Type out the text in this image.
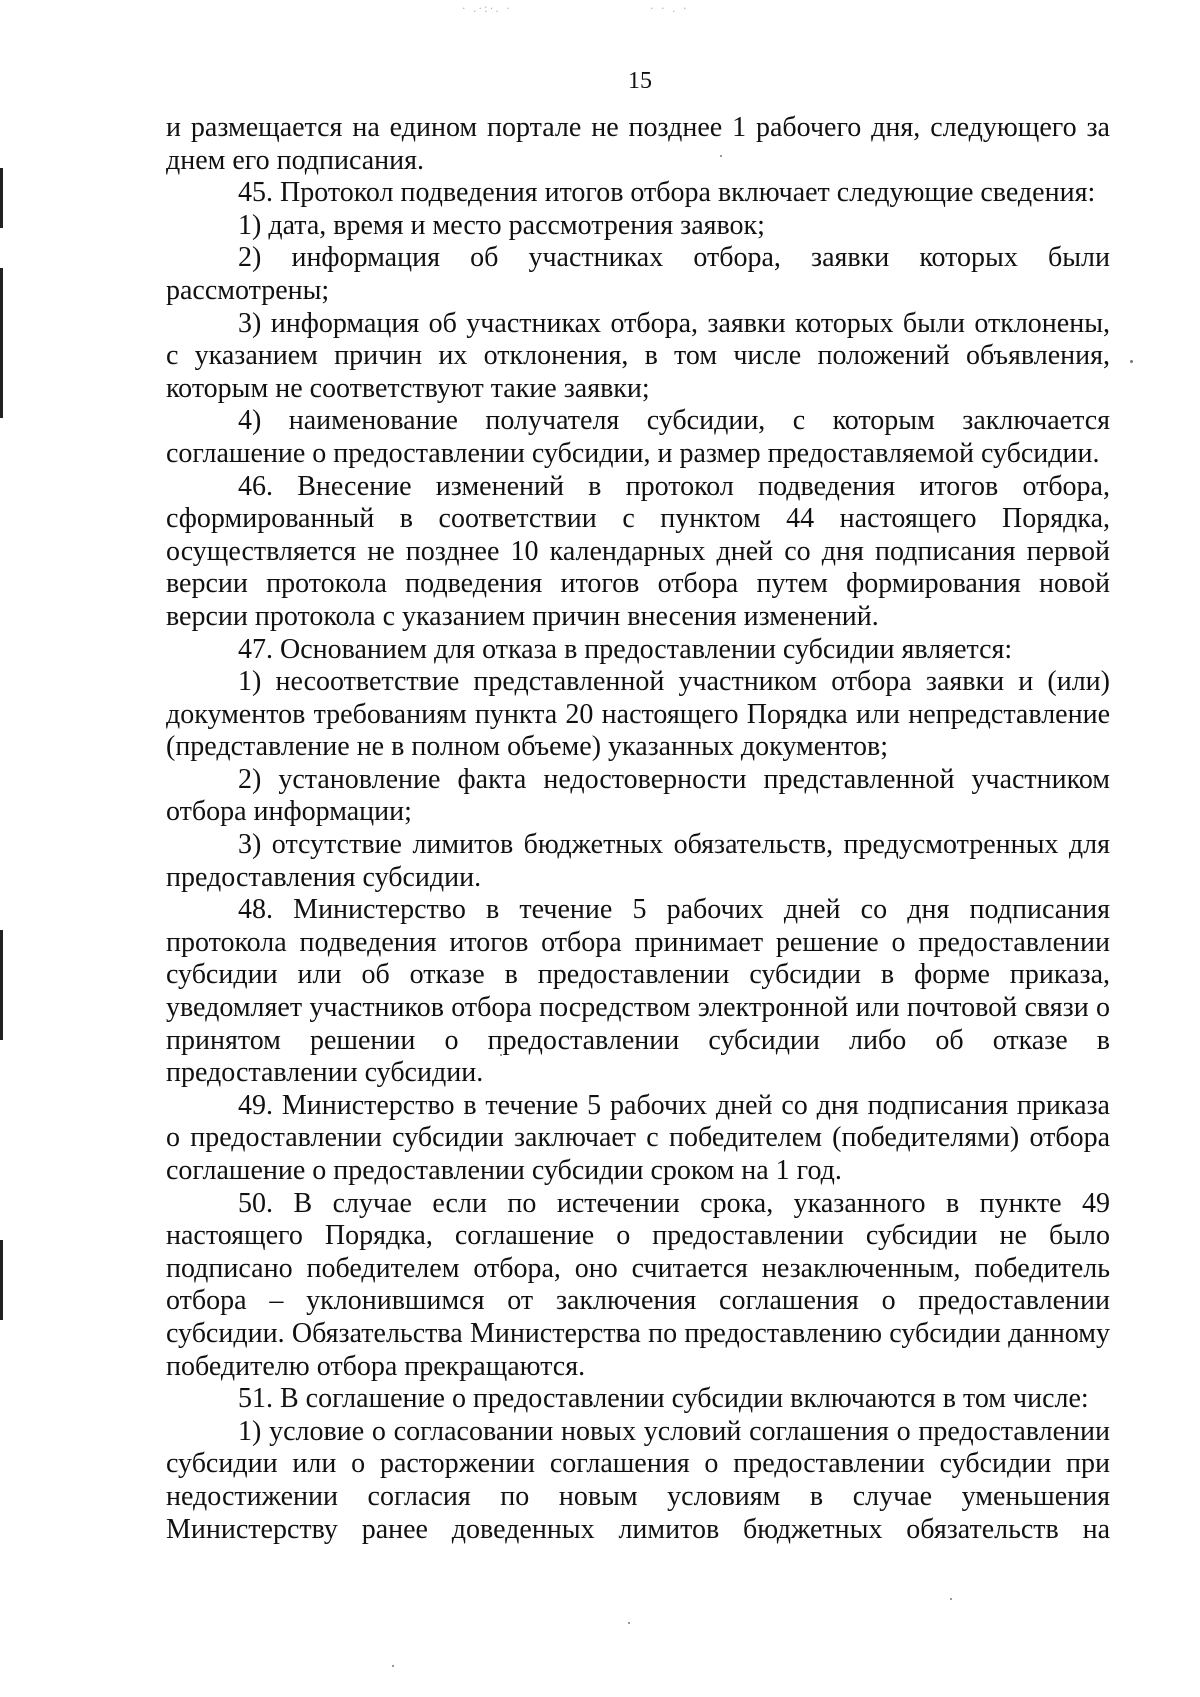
· .·:·. ·	· · . ·
15

и размещается на едином портале не позднее 1 рабочего дня, следующего за днем его подписания.

45. Протокол подведения итогов отбора включает следующие сведения:

1) дата, время и место рассмотрения заявок;

2) информация об участниках отбора, заявки которых были рассмотрены;

3) информация об участниках отбора, заявки которых были отклонены, с указанием причин их отклонения, в том числе положений объявления, которым не соответствуют такие заявки;

4) наименование получателя субсидии, с которым заключается соглашение о предоставлении субсидии, и размер предоставляемой субсидии.

46. Внесение изменений в протокол подведения итогов отбора, сформированный в соответствии с пунктом 44 настоящего Порядка, осуществляется не позднее 10 календарных дней со дня подписания первой версии протокола подведения итогов отбора путем формирования новой версии протокола с указанием причин внесения изменений.

47. Основанием для отказа в предоставлении субсидии является:

1) несоответствие представленной участником отбора заявки и (или) документов требованиям пункта 20 настоящего Порядка или непредставление (представление не в полном объеме) указанных документов;

2) установление факта недостоверности представленной участником отбора информации;

3) отсутствие лимитов бюджетных обязательств, предусмотренных для предоставления субсидии.

48. Министерство в течение 5 рабочих дней со дня подписания протокола подведения итогов отбора принимает решение о предоставлении субсидии или об отказе в предоставлении субсидии в форме приказа, уведомляет участников отбора посредством электронной или почтовой связи о принятом решении о предоставлении субсидии либо об отказе в предоставлении субсидии.

49. Министерство в течение 5 рабочих дней со дня подписания приказа о предоставлении субсидии заключает с победителем (победителями) отбора соглашение о предоставлении субсидии сроком на 1 год.

50. В случае если по истечении срока, указанного в пункте 49 настоящего Порядка, соглашение о предоставлении субсидии не было подписано победителем отбора, оно считается незаключенным, победитель отбора – уклонившимся от заключения соглашения о предоставлении субсидии. Обязательства Министерства по предоставлению субсидии данному победителю отбора прекращаются.

51. В соглашение о предоставлении субсидии включаются в том числе:

1) условие о согласовании новых условий соглашения о предоставлении субсидии или о расторжении соглашения о предоставлении субсидии при недостижении согласия по новым условиям в случае уменьшения Министерству ранее доведенных лимитов бюджетных обязательств на
